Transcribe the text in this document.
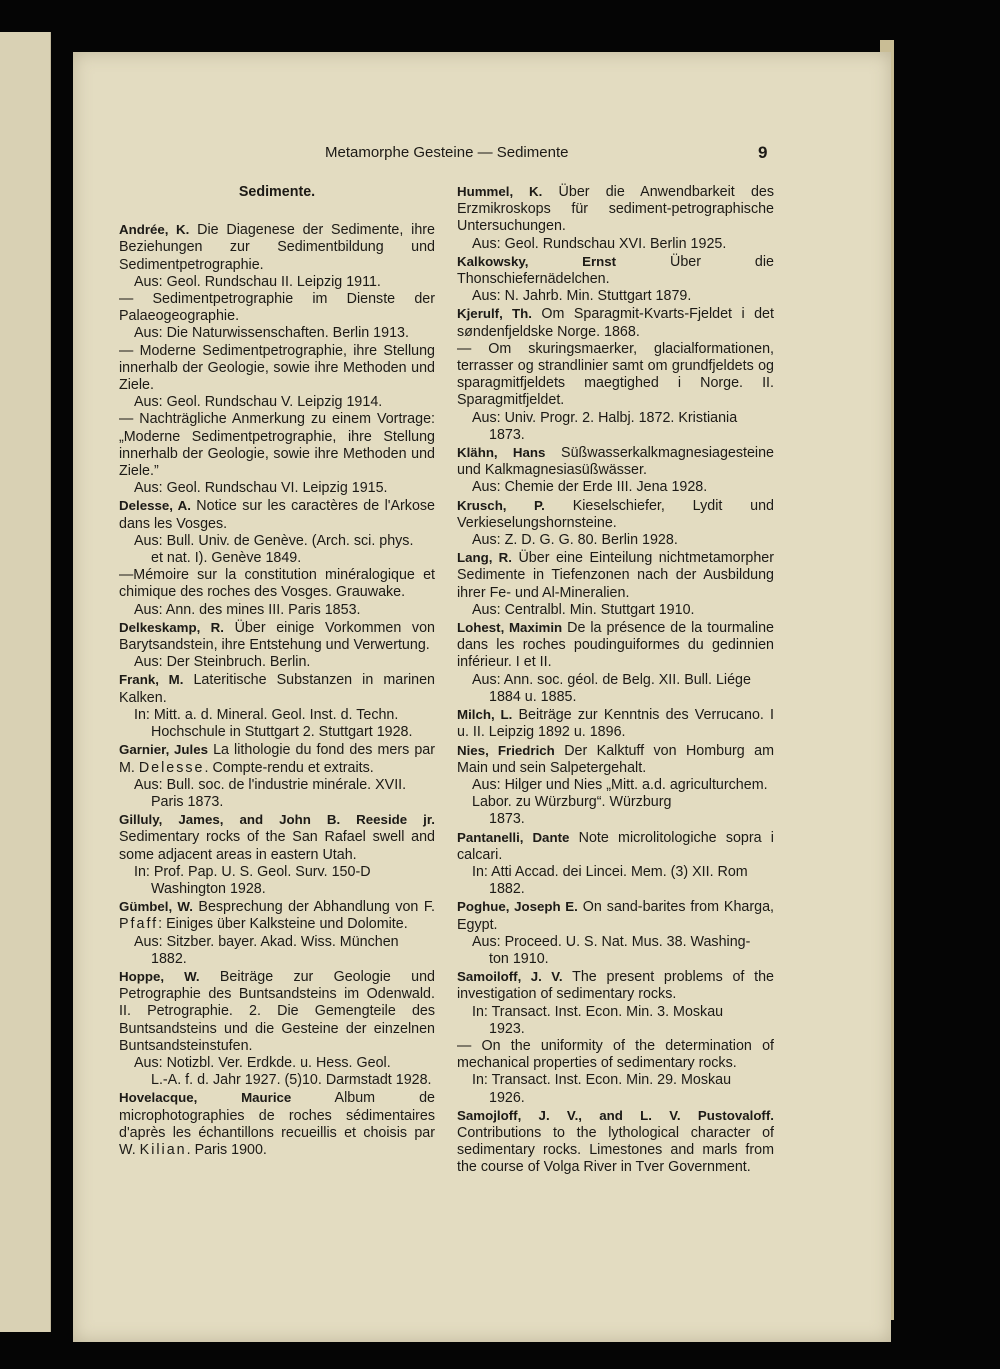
Metamorphe Gesteine — Sedimente	9

Sedimente.

Andrée, K. Die Diagenese der Sedimente, ihre Beziehungen zur Sedimentbildung und Sedimentpetrographie.

Aus: Geol. Rundschau II. Leipzig 1911.

— Sedimentpetrographie im Dienste der Palaeogeographie.

Aus: Die Naturwissenschaften. Berlin 1913.

— Moderne Sedimentpetrographie, ihre Stellung innerhalb der Geologie, sowie ihre Methoden und Ziele.

Aus: Geol. Rundschau V. Leipzig 1914.

— Nachträgliche Anmerkung zu einem Vortrage: „Moderne Sedimentpetrographie, ihre Stellung innerhalb der Geologie, sowie ihre Methoden und Ziele.”

Aus: Geol. Rundschau VI. Leipzig 1915.

Delesse, A. Notice sur les caractères de l'Arkose dans les Vosges.

Aus: Bull. Univ. de Genève. (Arch. sci. phys.

et nat. I). Genève 1849.

—Mémoire sur la constitution minéralogique et chimique des roches des Vosges. Grauwake.

Aus: Ann. des mines III. Paris 1853.

Delkeskamp, R. Über einige Vorkommen von Barytsandstein, ihre Entstehung und Verwertung.

Aus: Der Steinbruch. Berlin.

Frank, M. Lateritische Substanzen in marinen Kalken.

In: Mitt. a. d. Mineral. Geol. Inst. d. Techn.

Hochschule in Stuttgart 2. Stuttgart 1928.

Garnier, Jules La lithologie du fond des mers par M. Delesse. Compte-rendu et extraits.

Aus: Bull. soc. de l'industrie minérale. XVII.

Paris 1873.

Gilluly, James, and John B. Reeside jr. Sedimentary rocks of the San Rafael swell and some adjacent areas in eastern Utah.

In: Prof. Pap. U. S. Geol. Surv. 150-D

Washington 1928.

Gümbel, W. Besprechung der Abhandlung von F. Pfaff: Einiges über Kalksteine und Dolomite.

Aus: Sitzber. bayer. Akad. Wiss. München

1882.

Hoppe, W. Beiträge zur Geologie und Petrographie des Buntsandsteins im Odenwald. II. Petrographie. 2. Die Gemengteile des Buntsandsteins und die Gesteine der einzelnen Buntsandsteinstufen.

Aus: Notizbl. Ver. Erdkde. u. Hess. Geol.

L.-A. f. d. Jahr 1927. (5)10. Darmstadt 1928.

Hovelacque, Maurice Album de microphotographies de roches sédimentaires d'après les échantillons recueillis et choisis par W. Kilian. Paris 1900.

Hummel, K. Über die Anwendbarkeit des Erzmikroskops für sediment-petrographische Untersuchungen.

Aus: Geol. Rundschau XVI. Berlin 1925.

Kalkowsky, Ernst Über die Thonschiefernädelchen.

Aus: N. Jahrb. Min. Stuttgart 1879.

Kjerulf, Th. Om Sparagmit-Kvarts-Fjeldet i det søndenfjeldske Norge. 1868.

— Om skuringsmaerker, glacialformationen, terrasser og strandlinier samt om grundfjeldets og sparagmitfjeldets maegtighed i Norge. II. Sparagmitfjeldet.

Aus: Univ. Progr. 2. Halbj. 1872. Kristiania

1873.

Klähn, Hans Süßwasserkalkmagnesiagesteine und Kalkmagnesiasüßwässer.

Aus: Chemie der Erde III. Jena 1928.

Krusch, P. Kieselschiefer, Lydit und Verkieselungshornsteine.

Aus: Z. D. G. G. 80. Berlin 1928.

Lang, R. Über eine Einteilung nichtmetamorpher Sedimente in Tiefenzonen nach der Ausbildung ihrer Fe- und Al-Mineralien.

Aus: Centralbl. Min. Stuttgart 1910.

Lohest, Maximin De la présence de la tourmaline dans les roches poudinguiformes du gedinnien inférieur. I et II.

Aus: Ann. soc. géol. de Belg. XII. Bull. Liége

1884 u. 1885.

Milch, L. Beiträge zur Kenntnis des Verrucano. I u. II. Leipzig 1892 u. 1896.

Nies, Friedrich Der Kalktuff von Homburg am Main und sein Salpetergehalt.

Aus: Hilger und Nies „Mitt. a.d. agriculturchem. Labor. zu Würzburg“. Würzburg

1873.

Pantanelli, Dante Note microlitologiche sopra i calcari.

In: Atti Accad. dei Lincei. Mem. (3) XII. Rom

1882.

Poghue, Joseph E. On sand-barites from Kharga, Egypt.

Aus: Proceed. U. S. Nat. Mus. 38. Washing-

ton 1910.

Samoiloff, J. V. The present problems of the investigation of sedimentary rocks.

In: Transact. Inst. Econ. Min. 3. Moskau

1923.

— On the uniformity of the determination of mechanical properties of sedimentary rocks.

In: Transact. Inst. Econ. Min. 29. Moskau

1926.

Samojloff, J. V., and L. V. Pustovaloff. Contributions to the lythological character of sedimentary rocks. Limestones and marls from the course of Volga River in Tver Government.
